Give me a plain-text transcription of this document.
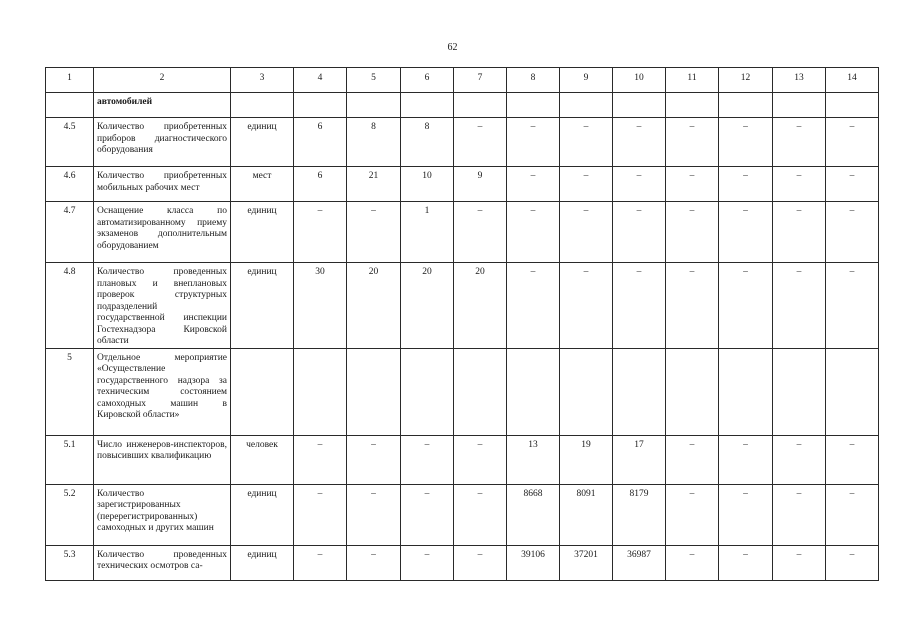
62
1	2	3	4	5	6	7	8	9	10	11	12	13	14
	автомобилей												
4.5	Количество приобретенных приборов диагностического оборудования	единиц	6	8	8	–	–	–	–	–	–	–	–
4.6	Количество приобретенных мобильных рабочих мест	мест	6	21	10	9	–	–	–	–	–	–	–
4.7	Оснащение класса по автоматизированному приему экзаменов дополнительным оборудованием	единиц	–	–	1	–	–	–	–	–	–	–	–
4.8	Количество проведенных плановых и внеплановых проверок структурных подразделений государственной инспекции Гостехнадзора Кировской области	единиц	30	20	20	20	–	–	–	–	–	–	–
5	Отдельное мероприятие «Осуществление государственного надзора за техническим состоянием самоходных машин в Кировской области»												
5.1	Число инженеров-инспекторов, повысивших квалификацию	человек	–	–	–	–	13	19	17	–	–	–	–
5.2	Количество зарегистрированных (перерегистрированных) самоходных и других машин	единиц	–	–	–	–	8668	8091	8179	–	–	–	–
5.3	Количество проведенных технических осмотров са-	единиц	–	–	–	–	39106	37201	36987	–	–	–	–
